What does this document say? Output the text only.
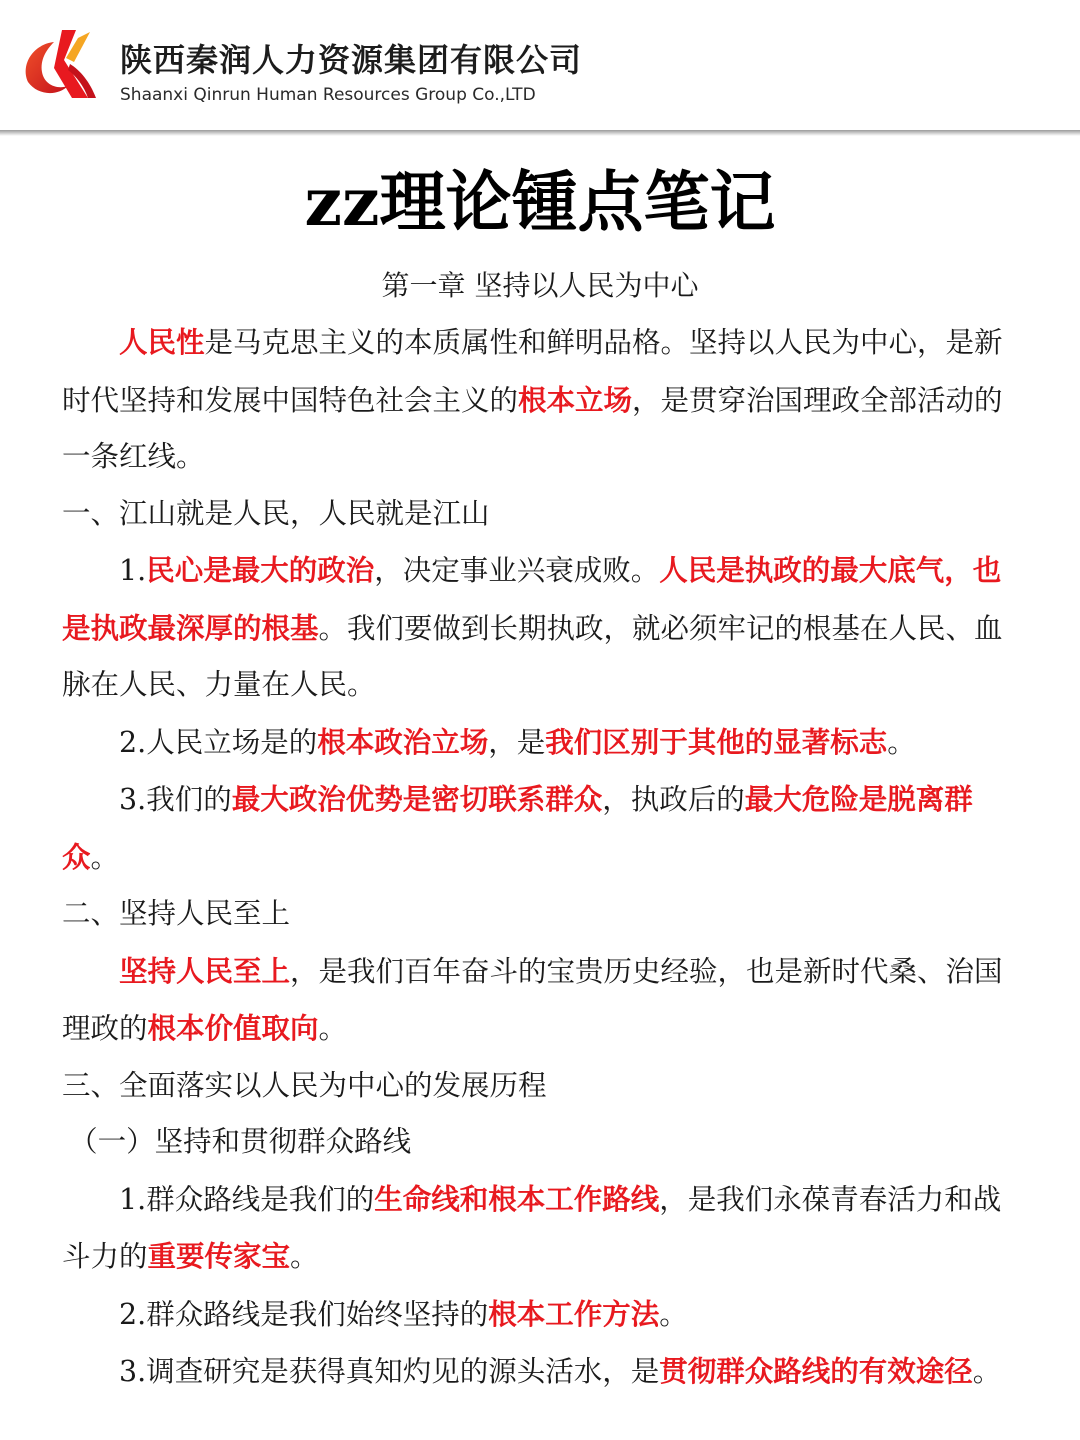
陕西秦润人力资源集团有限公司
Shaanxi Qinrun Human Resources Group Co.,LTD
zz理论锺点笔记
第一章 坚持以人民为中心

人民性是马克思主义的本质属性和鲜明品格。坚持以人民为中心，是新时代坚持和发展中国特色社会主义的根本立场，是贯穿治国理政全部活动的一条红线。

一、江山就是人民，人民就是江山

1.民心是最大的政治，决定事业兴衰成败。人民是执政的最大底气，也是执政最深厚的根基。我们要做到长期执政，就必须牢记的根基在人民、血脉在人民、力量在人民。

2.人民立场是的根本政治立场，是我们区别于其他的显著标志。

3.我们的最大政治优势是密切联系群众，执政后的最大危险是脱离群众。

二、坚持人民至上

坚持人民至上，是我们百年奋斗的宝贵历史经验，也是新时代桑、治国理政的根本价值取向。

三、全面落实以人民为中心的发展历程

（一）坚持和贯彻群众路线

1.群众路线是我们的生命线和根本工作路线，是我们永葆青春活力和战斗力的重要传家宝。

2.群众路线是我们始终坚持的根本工作方法。

3.调查研究是获得真知灼见的源头活水，是贯彻群众路线的有效途径。
